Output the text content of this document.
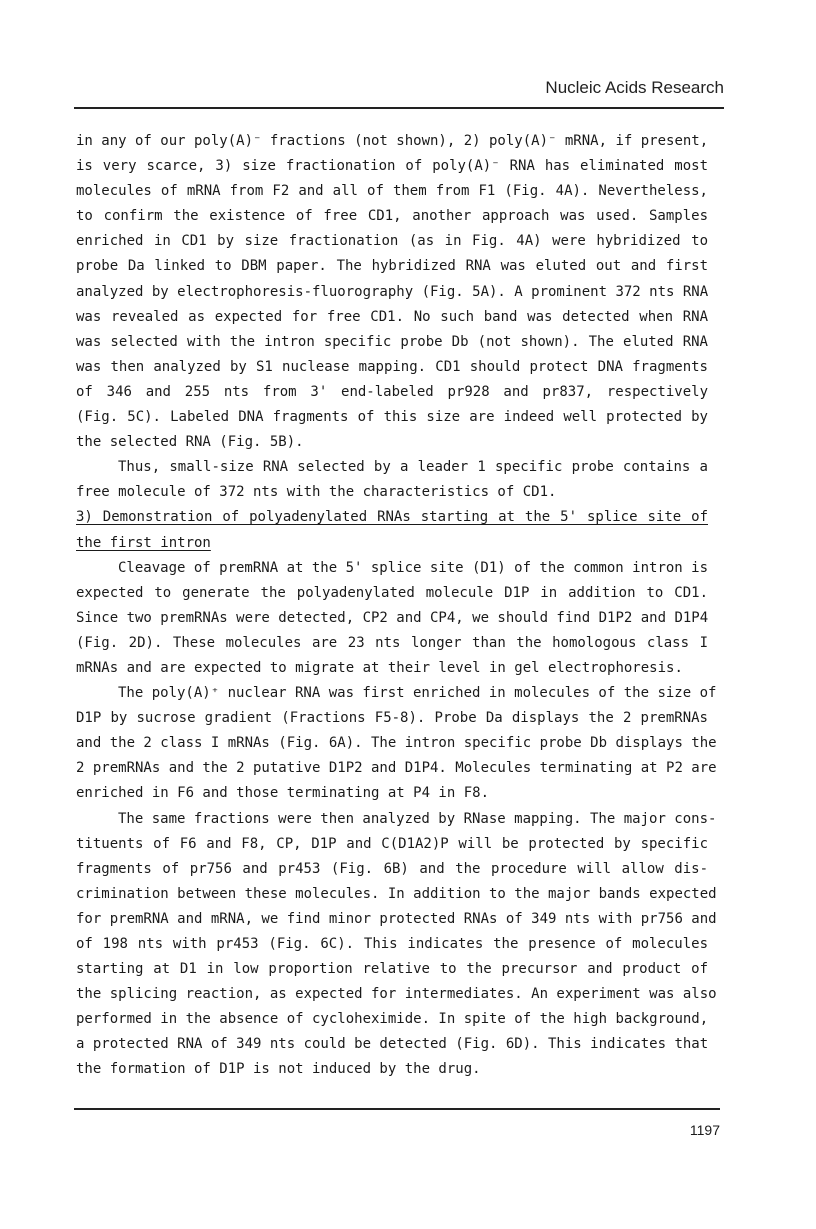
Nucleic Acids Research
in any of our poly(A)⁻ fractions (not shown), 2) poly(A)⁻ mRNA, if present,
is very scarce, 3) size fractionation of poly(A)⁻ RNA has eliminated most
molecules of mRNA from F2 and all of them from F1 (Fig. 4A). Nevertheless,
to confirm the existence of free CD1, another approach was used. Samples
enriched in CD1 by size fractionation (as in Fig. 4A) were hybridized to
probe Da linked to DBM paper. The hybridized RNA was eluted out and first
analyzed by electrophoresis-fluorography (Fig. 5A). A prominent 372 nts RNA
was revealed as expected for free CD1. No such band was detected when RNA
was selected with the intron specific probe Db (not shown). The eluted RNA
was then analyzed by S1 nuclease mapping. CD1 should protect DNA fragments
of 346 and 255 nts from 3' end-labeled pr928 and pr837, respectively
(Fig. 5C). Labeled DNA fragments of this size are indeed well protected by
the selected RNA (Fig. 5B).
Thus, small-size RNA selected by a leader 1 specific probe contains a
free molecule of 372 nts with the characteristics of CD1.
3) Demonstration of polyadenylated RNAs starting at the 5' splice site of
the first intron
Cleavage of premRNA at the 5' splice site (D1) of the common intron is
expected to generate the polyadenylated molecule D1P in addition to CD1.
Since two premRNAs were detected, CP2 and CP4, we should find D1P2 and D1P4
(Fig. 2D). These molecules are 23 nts longer than the homologous class I
mRNAs and are expected to migrate at their level in gel electrophoresis.
The poly(A)⁺ nuclear RNA was first enriched in molecules of the size of
D1P by sucrose gradient (Fractions F5-8). Probe Da displays the 2 premRNAs
and the 2 class I mRNAs (Fig. 6A). The intron specific probe Db displays the
2 premRNAs and the 2 putative D1P2 and D1P4. Molecules terminating at P2 are
enriched in F6 and those terminating at P4 in F8.
The same fractions were then analyzed by RNase mapping. The major cons-
tituents of F6 and F8, CP, D1P and C(D1A2)P will be protected by specific
fragments of pr756 and pr453 (Fig. 6B) and the procedure will allow dis-
crimination between these molecules. In addition to the major bands expected
for premRNA and mRNA, we find minor protected RNAs of 349 nts with pr756 and
of 198 nts with pr453 (Fig. 6C). This indicates the presence of molecules
starting at D1 in low proportion relative to the precursor and product of
the splicing reaction, as expected for intermediates. An experiment was also
performed in the absence of cycloheximide. In spite of the high background,
a protected RNA of 349 nts could be detected (Fig. 6D). This indicates that
the formation of D1P is not induced by the drug.
1197
